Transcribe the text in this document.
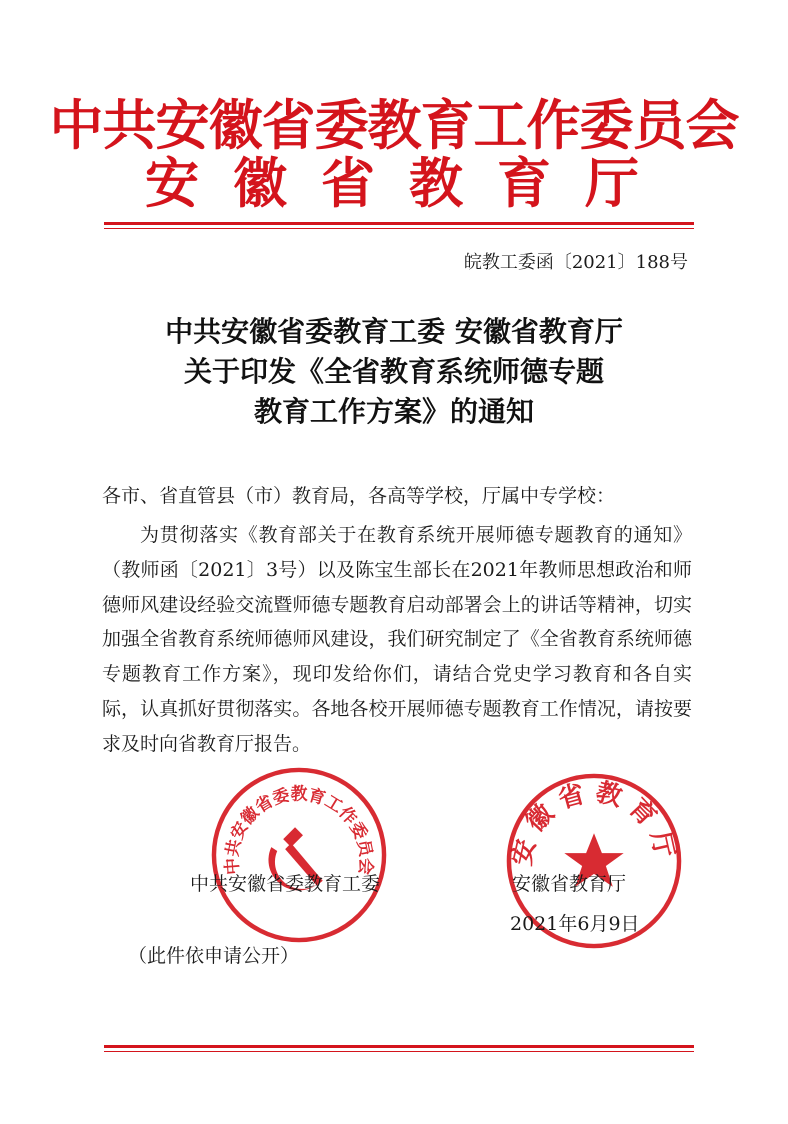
中共安徽省委教育工作委员会
安徽省教育厅
皖教工委函〔2021〕188号
中共安徽省委教育工委 安徽省教育厅
关于印发《全省教育系统师德专题
教育工作方案》的通知
各市、省直管县（市）教育局，各高等学校，厅属中专学校：

为贯彻落实《教育部关于在教育系统开展师德专题教育的通知》（教师函〔2021〕3号）以及陈宝生部长在2021年教师思想政治和师德师风建设经验交流暨师德专题教育启动部署会上的讲话等精神，切实加强全省教育系统师德师风建设，我们研究制定了《全省教育系统师德专题教育工作方案》，现印发给你们，请结合党史学习教育和各自实际，认真抓好贯彻落实。各地各校开展师德专题教育工作情况，请按要求及时向省教育厅报告。

中共安徽省委教育工作委员会	安徽省教育厅
中共安徽省委教育工委	安徽省教育厅
2021年6月9日
（此件依申请公开）
